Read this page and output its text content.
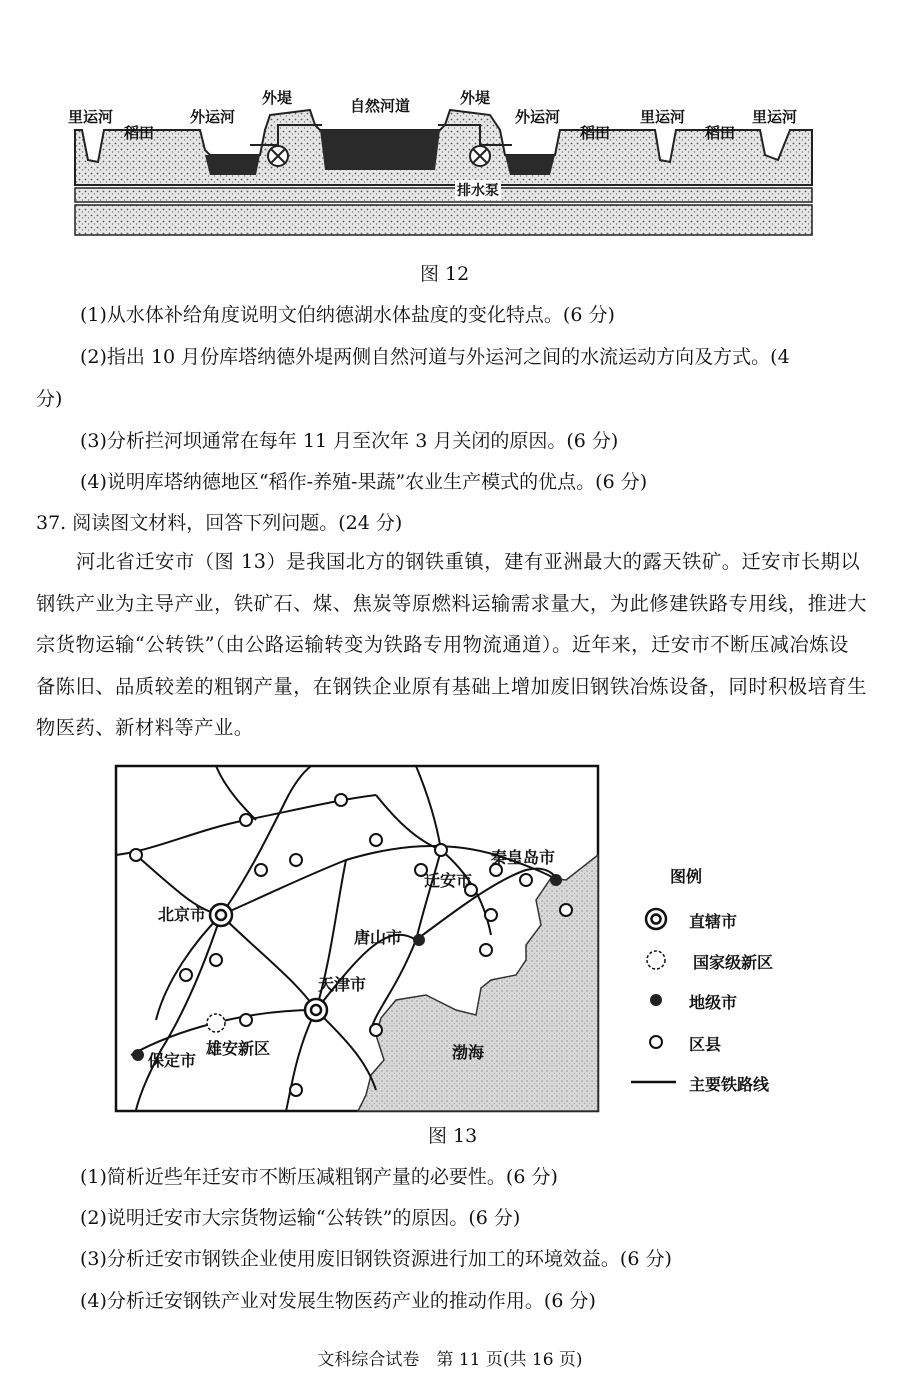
里运河
稻田
外运河
外堤	自然河道	外堤
外运河
稻田
里运河
稻田
里运河
排水泵
图 12
(1)从水体补给角度说明文伯纳德湖水体盐度的变化特点。(6 分)
(2)指出 10 月份库塔纳德外堤两侧自然河道与外运河之间的水流运动方向及方式。(4
分)
(3)分析拦河坝通常在每年 11 月至次年 3 月关闭的原因。(6 分)
(4)说明库塔纳德地区“稻作-养殖-果蔬”农业生产模式的优点。(6 分)
37. 阅读图文材料，回答下列问题。(24 分)
河北省迁安市（图 13）是我国北方的钢铁重镇，建有亚洲最大的露天铁矿。迁安市长期以钢铁产业为主导产业，铁矿石、煤、焦炭等原燃料运输需求量大，为此修建铁路专用线，推进大宗货物运输“公转铁”（由公路运输转变为铁路专用物流通道）。近年来，迁安市不断压减冶炼设备陈旧、品质较差的粗钢产量，在钢铁企业原有基础上增加废旧钢铁冶炼设备，同时积极培育生物医药、新材料等产业。
北京市
天津市
唐山市
迁安市
秦皇岛市
保定市
雄安新区	渤海
图例
直辖市
国家级新区
地级市
区县
主要铁路线
图 13
(1)简析近些年迁安市不断压减粗钢产量的必要性。(6 分)
(2)说明迁安市大宗货物运输“公转铁”的原因。(6 分)
(3)分析迁安市钢铁企业使用废旧钢铁资源进行加工的环境效益。(6 分)
(4)分析迁安钢铁产业对发展生物医药产业的推动作用。(6 分)
文科综合试卷　第 11 页(共 16 页)
